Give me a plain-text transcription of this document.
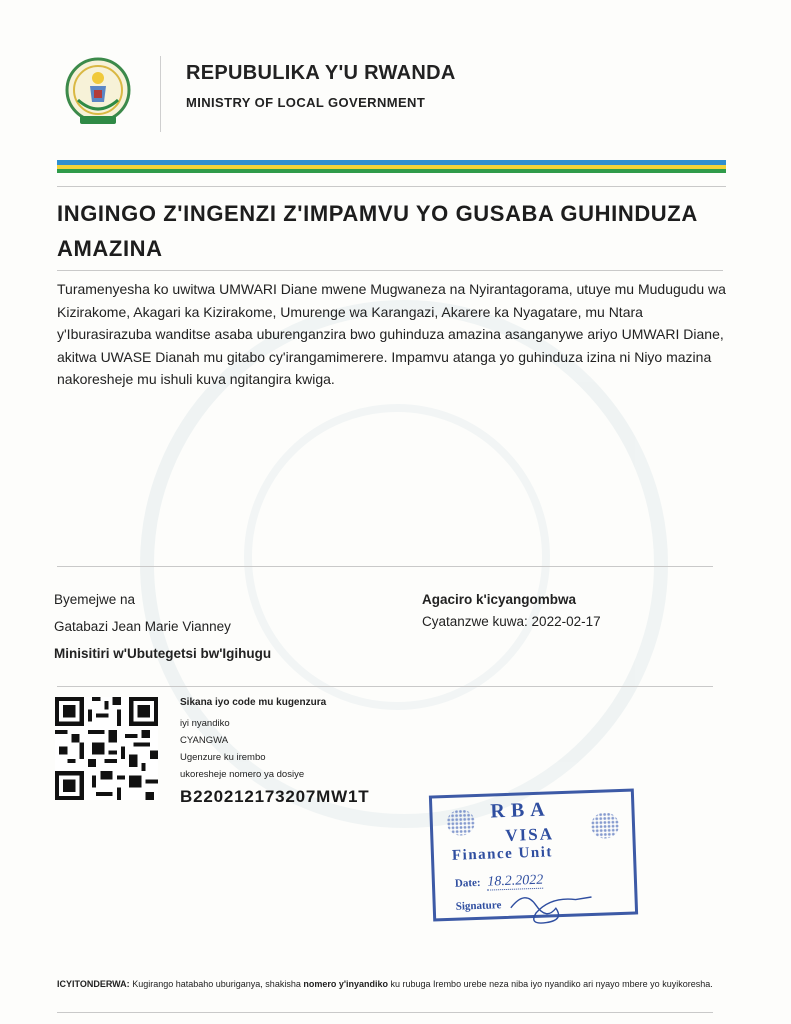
REPUBULIKA Y'U RWANDA
MINISTRY OF LOCAL GOVERNMENT
INGINGO Z'INGENZI Z'IMPAMVU YO GUSABA GUHINDUZA AMAZINA
Turamenyesha ko uwitwa UMWARI Diane mwene Mugwaneza na Nyirantagorama, utuye mu Mudugudu wa Kizirakome, Akagari ka Kizirakome, Umurenge wa Karangazi, Akarere ka Nyagatare, mu Ntara y'Iburasirazuba wanditse asaba uburenganzira bwo guhinduza amazina asanganywe ariyo UMWARI Diane, akitwa UWASE Dianah mu gitabo cy'irangamimerere. Impamvu atanga yo guhinduza izina ni Niyo mazina nakoresheje mu ishuli kuva ngitangira kwiga.
Byemejwe na
Gatabazi Jean Marie Vianney
Minisitiri w'Ubutegetsi bw'Igihugu
Agaciro k'icyangombwa
Cyatanzwe kuwa: 2022-02-17
Sikana iyo code mu kugenzura
iyi nyandiko
CYANGWA
Ugenzure ku irembo
ukoresheje nomero ya dosiye
B220212173207MW1T
RBA
VISA
Finance Unit
Date: 18.2.2022
Signature
ICYITONDERWA: Kugirango hatabaho uburiganya, shakisha nomero y'inyandiko ku rubuga Irembo urebe neza niba iyo nyandiko ari nyayo mbere yo kuyikoresha.
